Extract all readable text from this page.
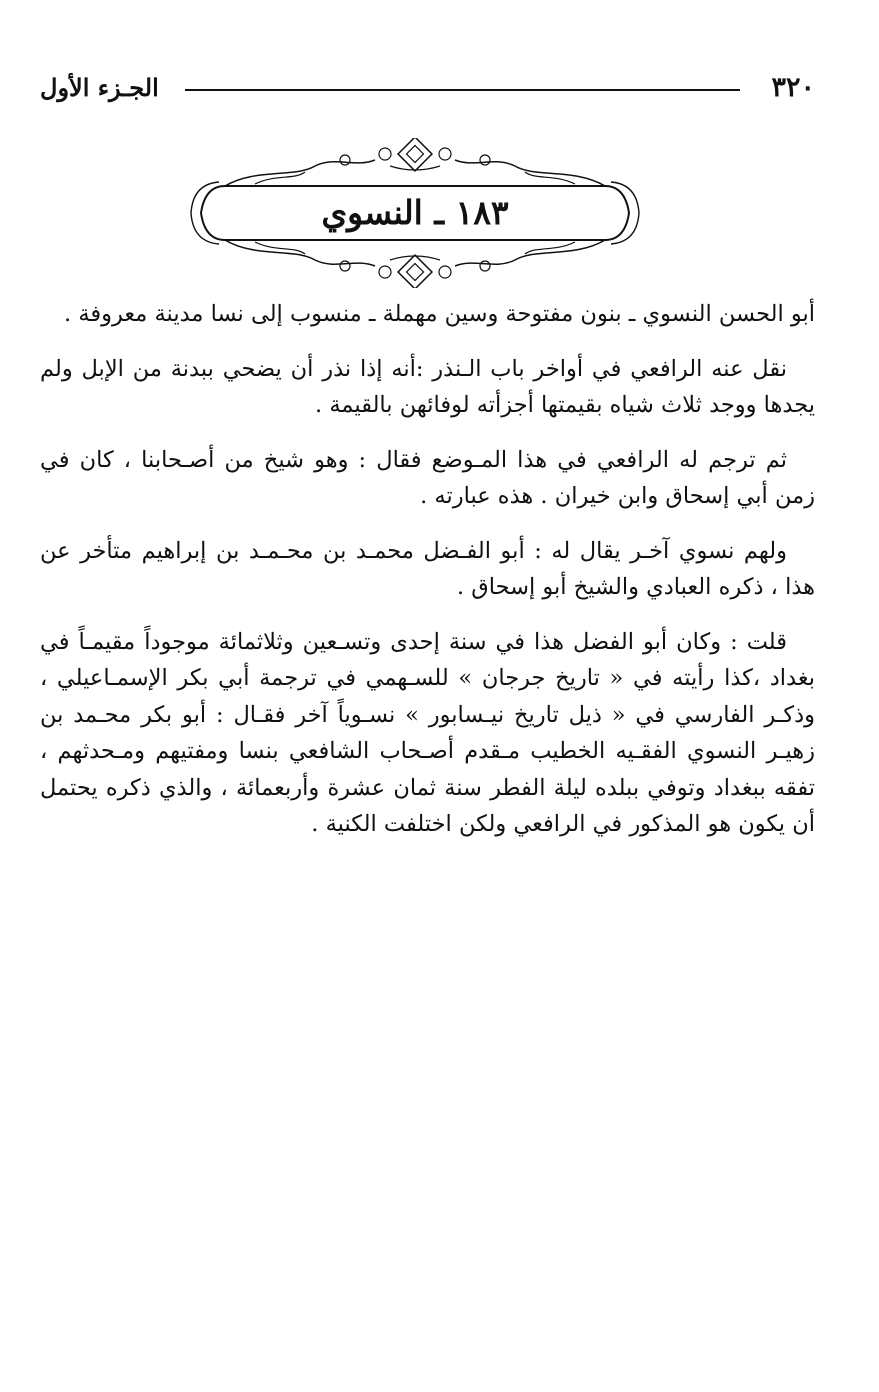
٣٢٠
الجـزء الأول
١٨٣ ـ النسوي

أبو الحسن النسوي ـ بنون مفتوحة وسين مهملة ـ منسوب إلى نسا مدينة معروفة .

نقل عنه الرافعي في أواخر باب الـنذر :أنه إذا نذر أن يضحي ببدنة من الإبل ولم يجدها ووجد ثلاث شياه بقيمتها أجزأته لوفائهن بالقيمة .

ثم ترجم له الرافعي في هذا المـوضع فقال : وهو شيخ من أصـحابنا ، كان في زمن أبي إسحاق وابن خيران . هذه عبارته .

ولهم نسوي آخـر يقال له : أبو الفـضل محمـد بن محـمـد بن إبراهيم متأخر عن هذا ، ذكره العبادي والشيخ أبو إسحاق .

قلت : وكان أبو الفضل هذا في سنة إحدى وتسـعين وثلاثمائة موجوداً مقيمـاً في بغداد ،كذا رأيته في « تاريخ جرجان » للسـهمي في ترجمة أبي بكر الإسمـاعيلي ، وذكـر الفارسي في « ذيل تاريخ نيـسابور » نسـوياً آخر فقـال : أبو بكر محـمد بن زهيـر النسوي الفقـيه الخطيب مـقدم أصـحاب الشافعي بنسا ومفتيهم ومـحدثهم ، تفقه ببغداد وتوفي ببلده ليلة الفطر سنة ثمان عشرة وأربعمائة ، والذي ذكره يحتمل أن يكون هو المذكور في الرافعي ولكن اختلفت الكنية .
